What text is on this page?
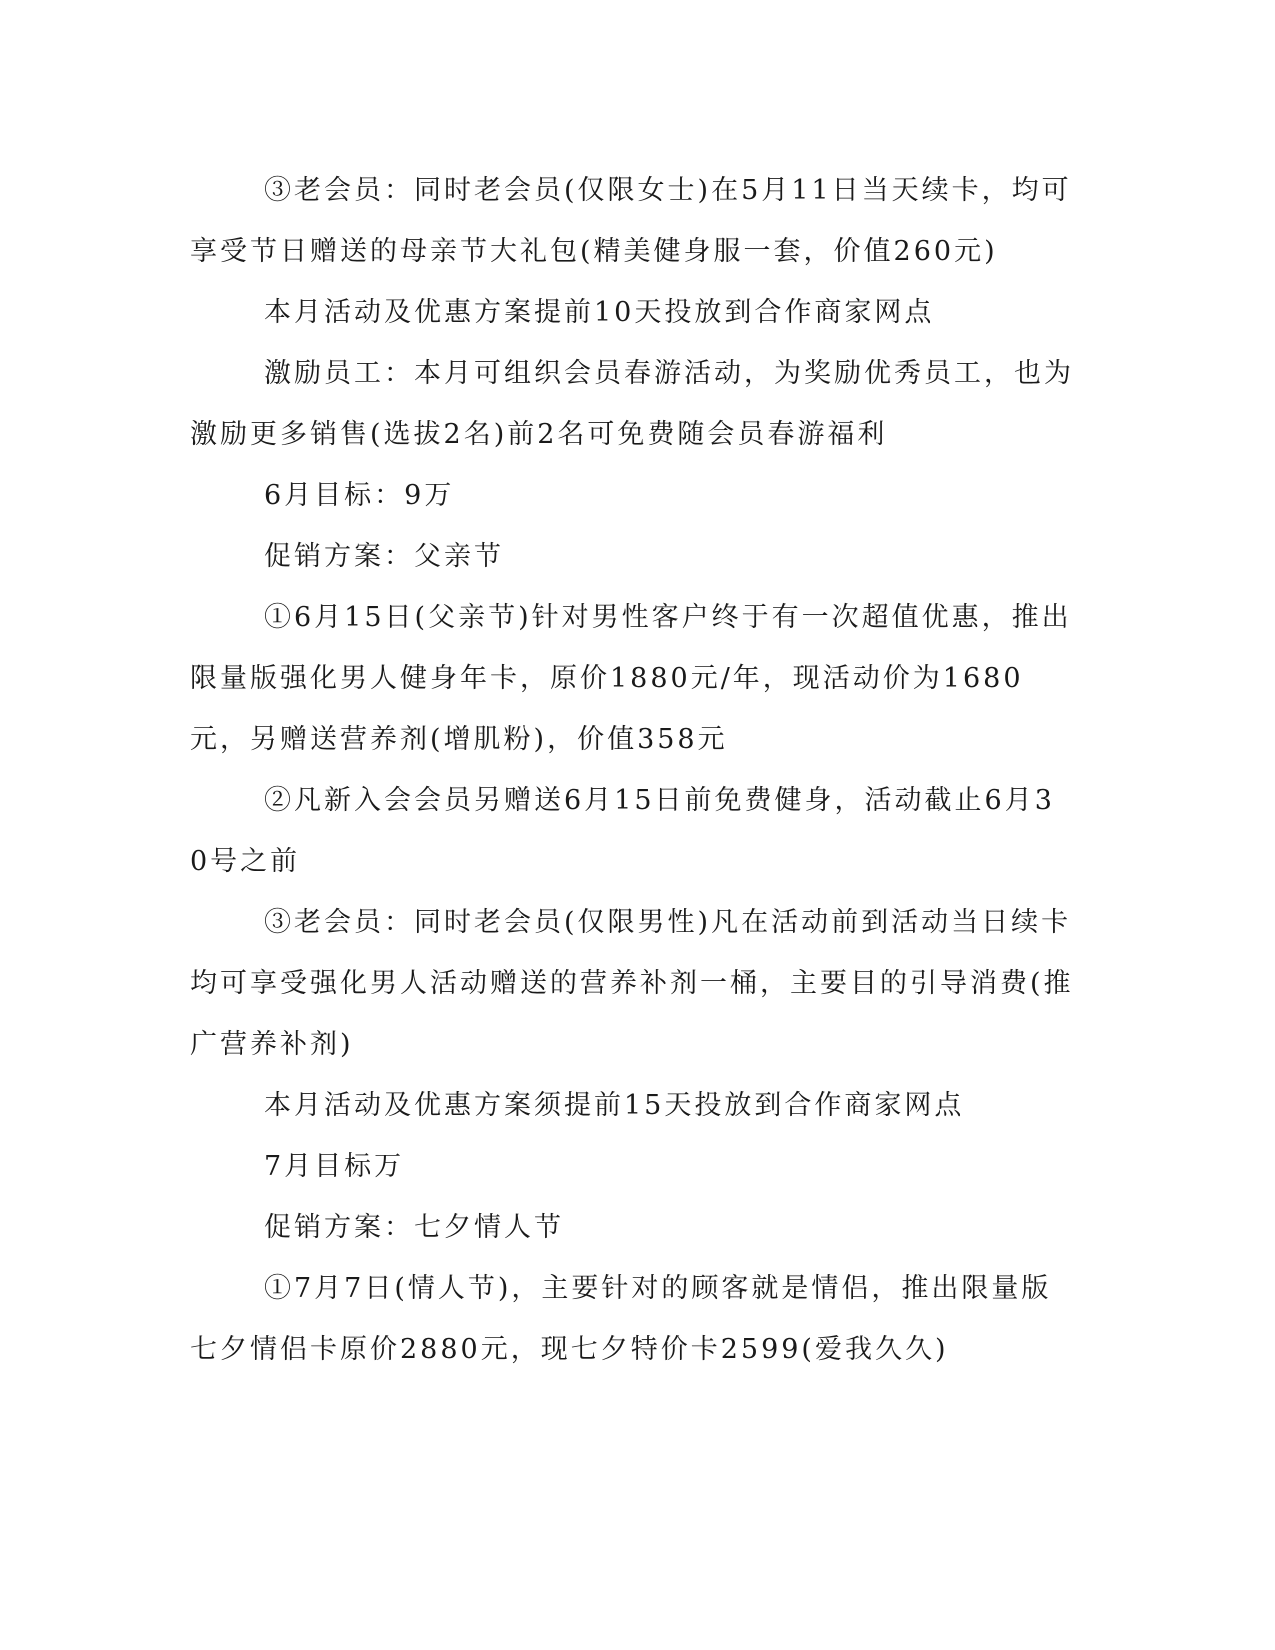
③老会员：同时老会员(仅限女士)在5月11日当天续卡，均可享受节日赠送的母亲节大礼包(精美健身服一套，价值260元)

本月活动及优惠方案提前10天投放到合作商家网点

激励员工：本月可组织会员春游活动，为奖励优秀员工，也为激励更多销售(选拔2名)前2名可免费随会员春游福利

6月目标：9万

促销方案：父亲节

①6月15日(父亲节)针对男性客户终于有一次超值优惠，推出限量版强化男人健身年卡，原价1880元/年，现活动价为1680元，另赠送营养剂(增肌粉)，价值358元

②凡新入会会员另赠送6月15日前免费健身，活动截止6月30号之前

③老会员：同时老会员(仅限男性)凡在活动前到活动当日续卡均可享受强化男人活动赠送的营养补剂一桶，主要目的引导消费(推广营养补剂)

本月活动及优惠方案须提前15天投放到合作商家网点

7月目标万

促销方案：七夕情人节

①7月7日(情人节)，主要针对的顾客就是情侣，推出限量版七夕情侣卡原价2880元，现七夕特价卡2599(爱我久久)
